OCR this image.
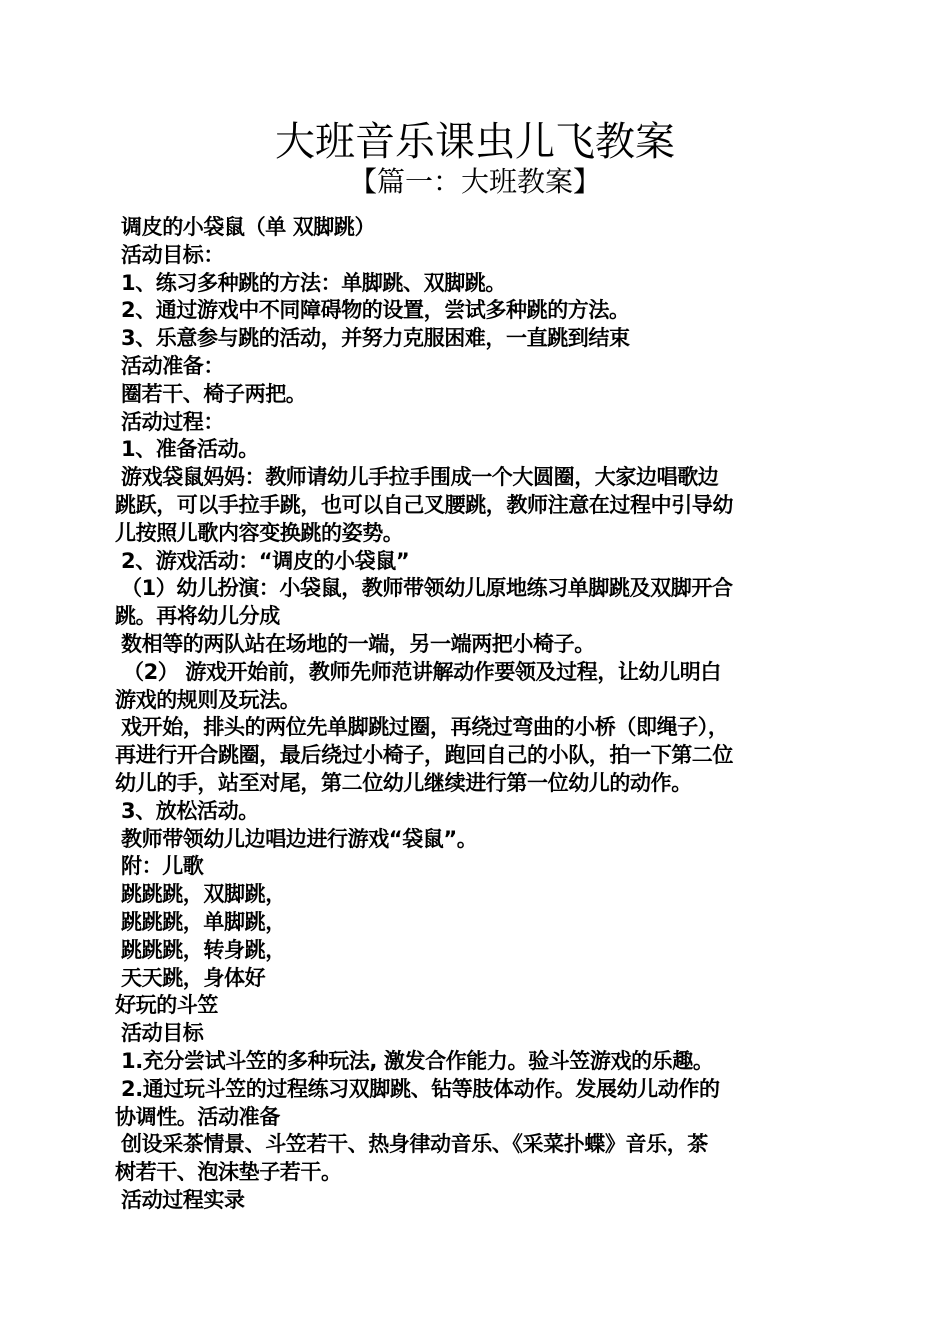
大班音乐课虫儿飞教案
【篇一：大班教案】
调皮的小袋鼠（单 双脚跳）
活动目标：
1、练习多种跳的方法：单脚跳、双脚跳。
2、通过游戏中不同障碍物的设置，尝试多种跳的方法。
3、乐意参与跳的活动，并努力克服困难，一直跳到结束
活动准备：
圈若干、椅子两把。
活动过程：
1、准备活动。
游戏袋鼠妈妈：教师请幼儿手拉手围成一个大圆圈，大家边唱歌边
跳跃，可以手拉手跳，也可以自己叉腰跳，教师注意在过程中引导幼
儿按照儿歌内容变换跳的姿势。
2、游戏活动：“调皮的小袋鼠”
（1）幼儿扮演：小袋鼠，教师带领幼儿原地练习单脚跳及双脚开合
跳。再将幼儿分成
数相等的两队站在场地的一端，另一端两把小椅子。
（2） 游戏开始前，教师先师范讲解动作要领及过程，让幼儿明白
游戏的规则及玩法。
戏开始，排头的两位先单脚跳过圈，再绕过弯曲的小桥（即绳子），
再进行开合跳圈，最后绕过小椅子，跑回自己的小队，拍一下第二位
幼儿的手，站至对尾，第二位幼儿继续进行第一位幼儿的动作。
3、放松活动。
教师带领幼儿边唱边进行游戏“袋鼠”。
附：儿歌
跳跳跳，双脚跳，
跳跳跳，单脚跳，
跳跳跳，转身跳，
天天跳，身体好
好玩的斗笠
活动目标
1.充分尝试斗笠的多种玩法, 激发合作能力。验斗笠游戏的乐趣。
2.通过玩斗笠的过程练习双脚跳、钻等肢体动作。发展幼儿动作的
协调性。活动准备
创设采茶情景、斗笠若干、热身律动音乐、《采菜扑蝶》音乐，茶
树若干、泡沫垫子若干。
活动过程实录
